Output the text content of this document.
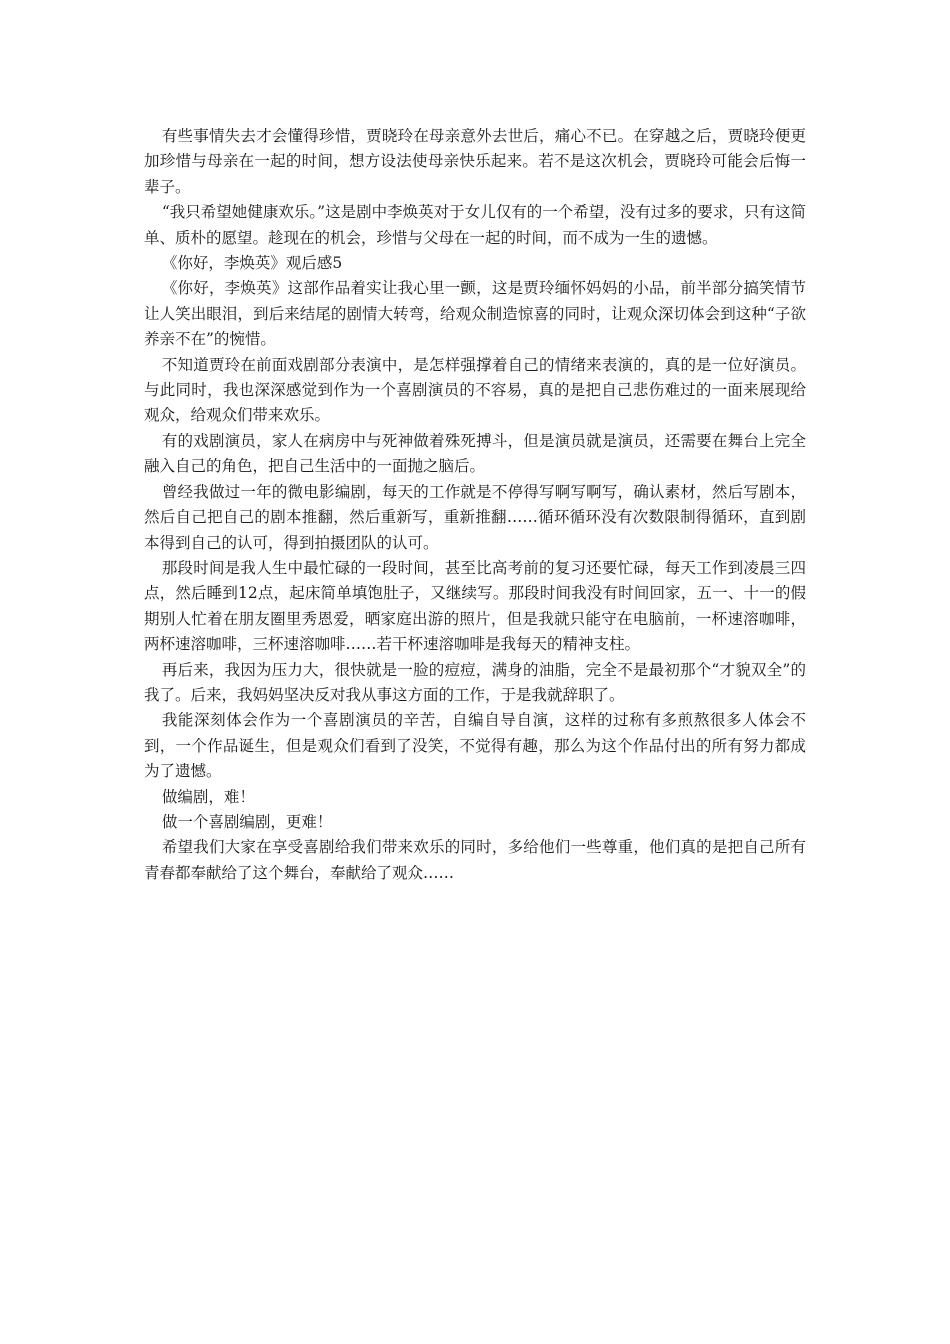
有些事情失去才会懂得珍惜，贾晓玲在母亲意外去世后，痛心不已。在穿越之后，贾晓玲便更加珍惜与母亲在一起的时间，想方设法使母亲快乐起来。若不是这次机会，贾晓玲可能会后悔一辈子。

“我只希望她健康欢乐。”这是剧中李焕英对于女儿仅有的一个希望，没有过多的要求，只有这简单、质朴的愿望。趁现在的机会，珍惜与父母在一起的时间，而不成为一生的遗憾。

《你好，李焕英》观后感5

《你好，李焕英》这部作品着实让我心里一颤，这是贾玲缅怀妈妈的小品，前半部分搞笑情节让人笑出眼泪，到后来结尾的剧情大转弯，给观众制造惊喜的同时，让观众深切体会到这种“子欲养亲不在”的惋惜。

不知道贾玲在前面戏剧部分表演中，是怎样强撑着自己的情绪来表演的，真的是一位好演员。与此同时，我也深深感觉到作为一个喜剧演员的不容易，真的是把自己悲伤难过的一面来展现给观众，给观众们带来欢乐。

有的戏剧演员，家人在病房中与死神做着殊死搏斗，但是演员就是演员，还需要在舞台上完全融入自己的角色，把自己生活中的一面抛之脑后。

曾经我做过一年的微电影编剧，每天的工作就是不停得写啊写啊写，确认素材，然后写剧本，然后自己把自己的剧本推翻，然后重新写，重新推翻……循环循环没有次数限制得循环，直到剧本得到自己的认可，得到拍摄团队的认可。

那段时间是我人生中最忙碌的一段时间，甚至比高考前的复习还要忙碌，每天工作到凌晨三四点，然后睡到12点，起床简单填饱肚子，又继续写。那段时间我没有时间回家，五一、十一的假期别人忙着在朋友圈里秀恩爱，晒家庭出游的照片，但是我就只能守在电脑前，一杯速溶咖啡，两杯速溶咖啡，三杯速溶咖啡……若干杯速溶咖啡是我每天的精神支柱。

再后来，我因为压力大，很快就是一脸的痘痘，满身的油脂，完全不是最初那个“才貌双全”的我了。后来，我妈妈坚决反对我从事这方面的工作，于是我就辞职了。

我能深刻体会作为一个喜剧演员的辛苦，自编自导自演，这样的过称有多煎熬很多人体会不到，一个作品诞生，但是观众们看到了没笑，不觉得有趣，那么为这个作品付出的所有努力都成为了遗憾。

做编剧，难！

做一个喜剧编剧，更难！

希望我们大家在享受喜剧给我们带来欢乐的同时，多给他们一些尊重，他们真的是把自己所有青春都奉献给了这个舞台，奉献给了观众……
